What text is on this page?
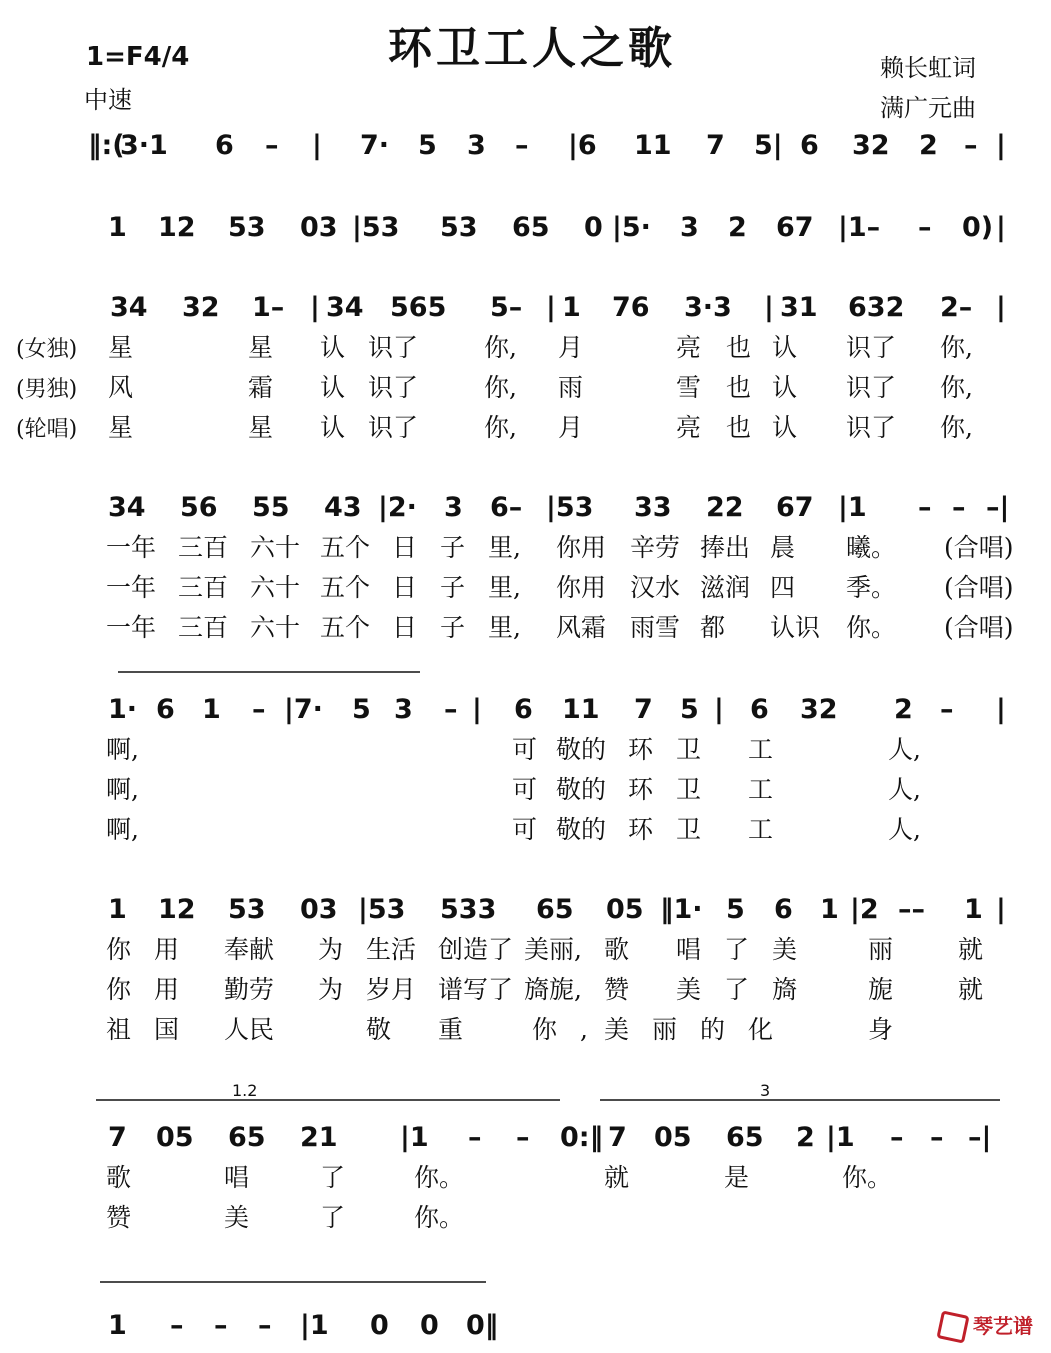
环卫工人之歌
1=F4/4
中速
赖长虹词
满广元曲
‖:(
3·1 6 – | 7· 5 3 – |6 11 7 5| 6 32 2 – |
1 12 53 03 |53 53 65 0 |5· 3 2 67 |1– – 0) |
34 32 1– | 34 565 5– | 1 76 3·3 | 31 632 2– |
(女独)
(男独)
(轮唱)
星	星 认 识了	你, 月	亮 也 认 识了 你,
风	霜 认 识了	你, 雨	雪 也 认 识了 你,
星	星 认 识了	你, 月	亮 也 认 识了 你,
34 56 55 43 |2· 3 6– |53 33 22 67 |1 – – –|
一年 三百 六十 五个 日 子 里, 你用 辛劳 捧出 晨 曦。 (合唱)
一年 三百 六十 五个 日 子 里, 你用 汉水 滋润 四 季。 (合唱)
一年 三百 六十 五个 日 子 里, 风霜 雨雪 都 认识 你。 (合唱)
1· 6 1 – |7· 5 3 – | 6 11 7 5 | 6 32 2 – |
啊,	可 敬的 环 卫 工	人,
啊,	可 敬的 环 卫 工	人,
啊,	可 敬的 环 卫 工	人,
1 12 53 03 |53 533 65 05 ‖1· 5 6 1 |2 –– 1 |
你 用 奉献 为 生活 创造了 美丽, 歌 唱 了 美	丽	就
你 用 勤劳 为 岁月 谱写了 旖旎, 赞 美 了 旖	旎	就
祖 国 人民	敬 重	你 , 美 丽 的 化	身
7 05 65 21 |1 – – 0:‖ 7 05 65 2 |1 – – –|
1.2	3
歌	唱	了	你。	就	是	你。
赞	美	了	你。
1 – – – |1 0 0 0‖	琴艺谱
